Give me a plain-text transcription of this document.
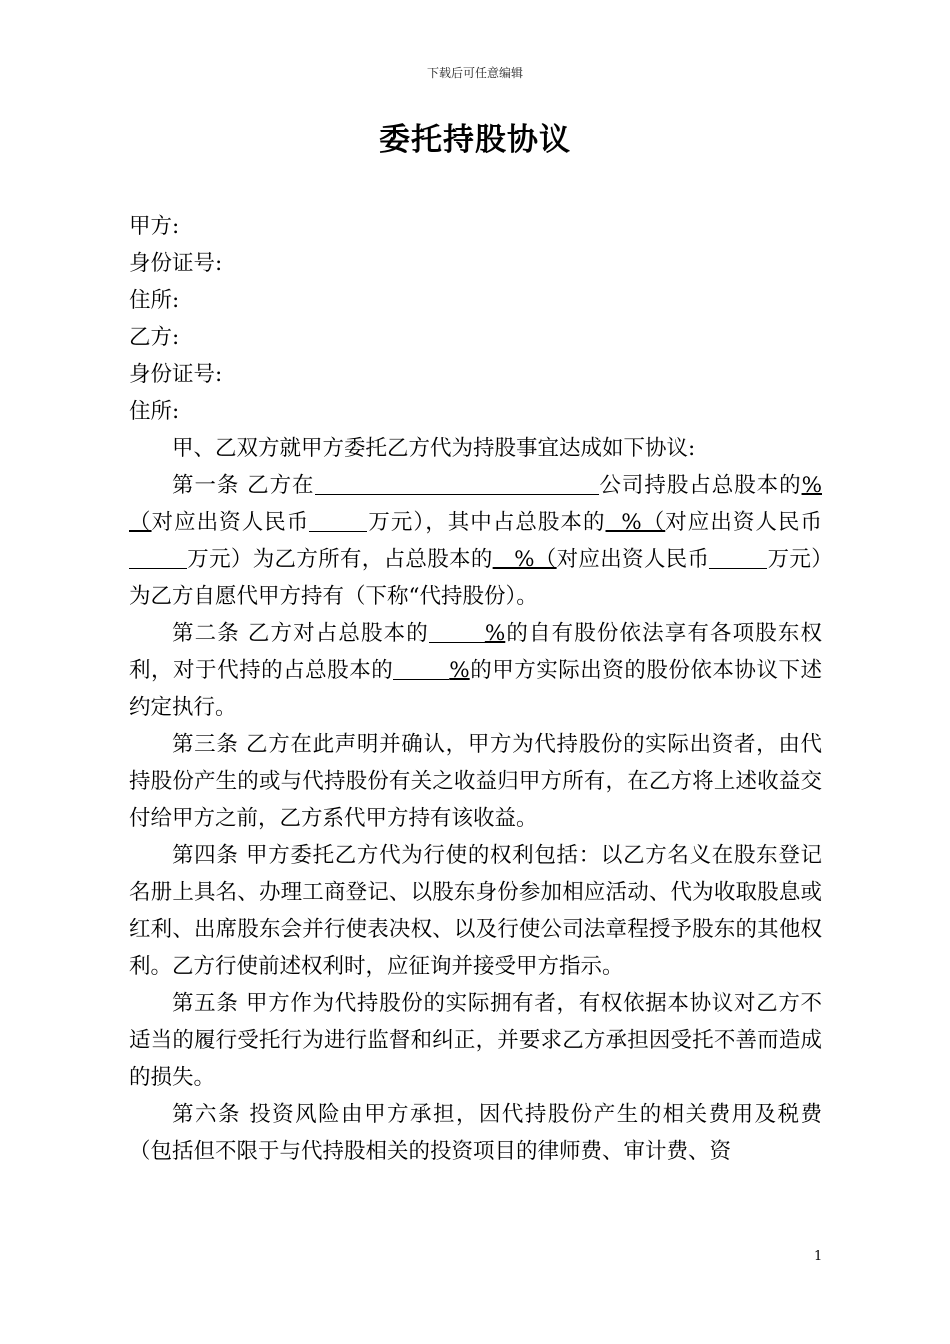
下载后可任意编辑
委托持股协议
甲方:
身份证号:
住所:
乙方:
身份证号:
住所:

甲、乙双方就甲方委托乙方代为持股事宜达成如下协议:

第一条 乙方在	公司持股占总股本的%（对应出资人民币	万元），其中占总股本的  %（对应出资人民币万元）为乙方所有，占总股本的   %（对应出资人民币	万元）为乙方自愿代甲方持有（下称“代持股份）。

第二条 乙方对占总股本的	%的自有股份依法享有各项股东权利，对于代持的占总股本的	%的甲方实际出资的股份依本协议下述约定执行。

第三条 乙方在此声明并确认，甲方为代持股份的实际出资者，由代持股份产生的或与代持股份有关之收益归甲方所有，在乙方将上述收益交付给甲方之前，乙方系代甲方持有该收益。

第四条 甲方委托乙方代为行使的权利包括：以乙方名义在股东登记名册上具名、办理工商登记、以股东身份参加相应活动、代为收取股息或红利、出席股东会并行使表决权、以及行使公司法章程授予股东的其他权利。乙方行使前述权利时，应征询并接受甲方指示。

第五条 甲方作为代持股份的实际拥有者，有权依据本协议对乙方不适当的履行受托行为进行监督和纠正，并要求乙方承担因受托不善而造成的损失。

第六条 投资风险由甲方承担，因代持股份产生的相关费用及税费（包括但不限于与代持股相关的投资项目的律师费、审计费、资

1
